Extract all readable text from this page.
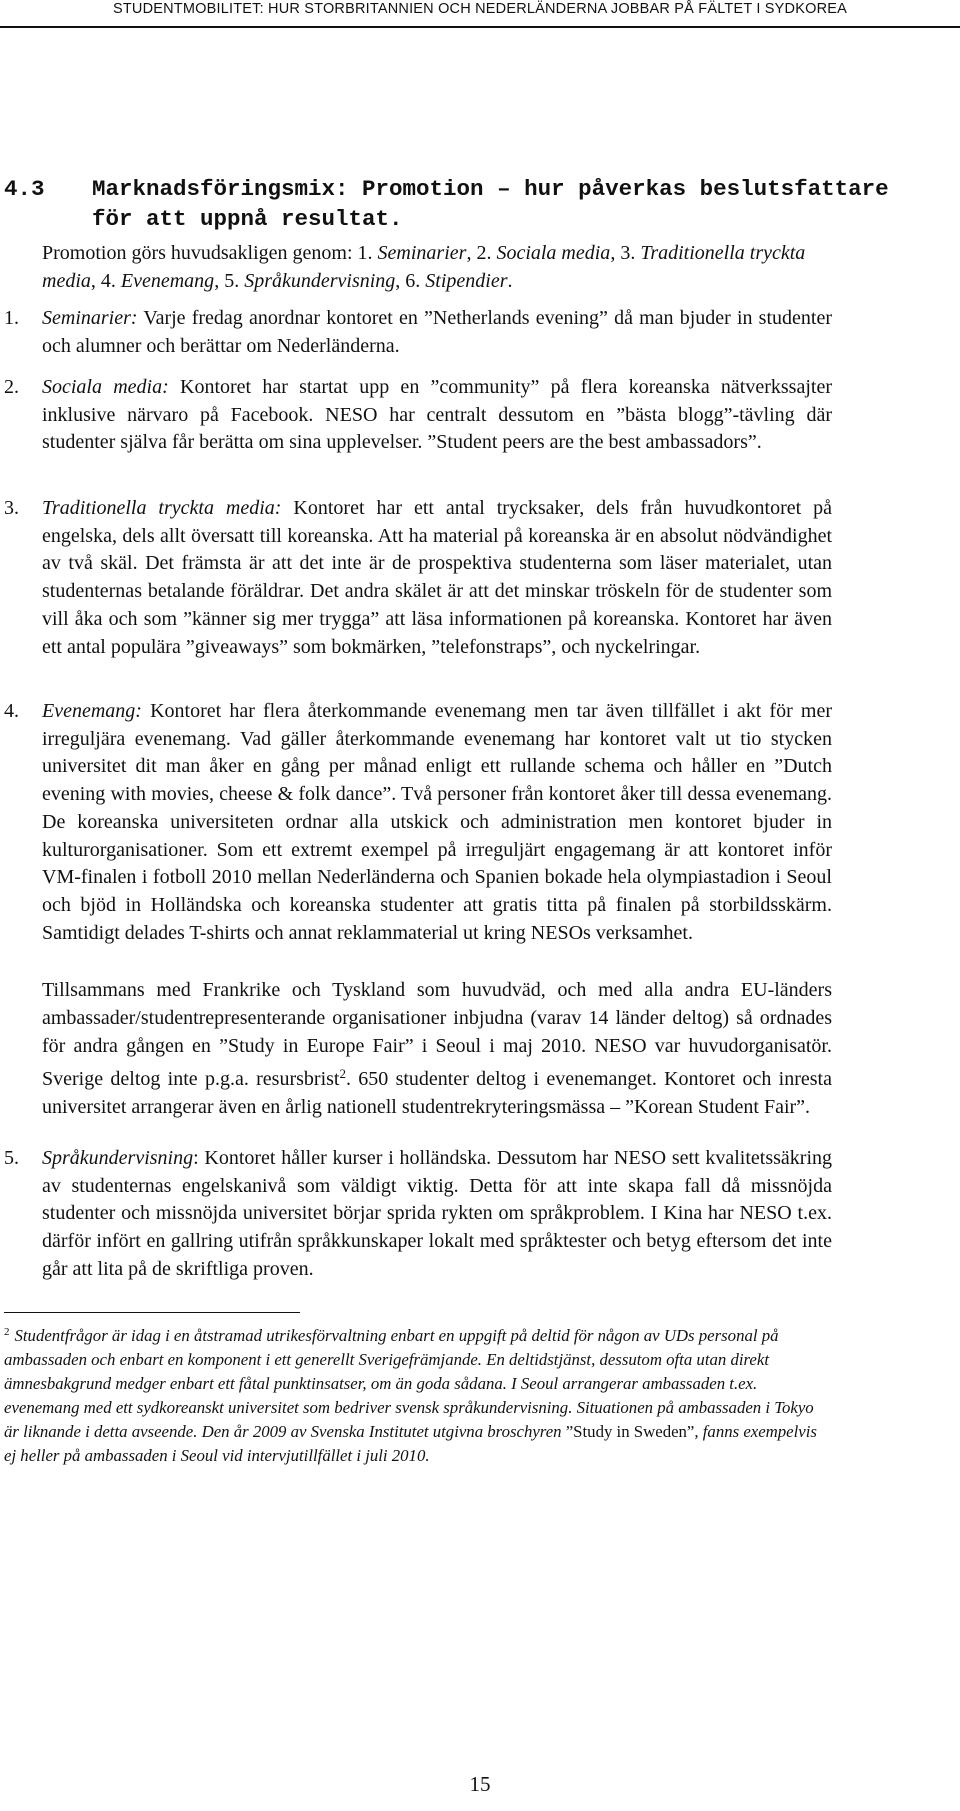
STUDENTMOBILITET: HUR STORBRITANNIEN OCH NEDERLÄNDERNA JOBBAR PÅ FÄLTET I SYDKOREA
4.3 Marknadsföringsmix: Promotion – hur påverkas beslutsfattare för att uppnå resultat.
Promotion görs huvudsakligen genom: 1. Seminarier, 2. Sociala media, 3. Traditionella tryckta media, 4. Evenemang, 5. Språkundervisning, 6. Stipendier.
1. Seminarier: Varje fredag anordnar kontoret en ”Netherlands evening” då man bjuder in studenter och alumner och berättar om Nederländerna.
2. Sociala media: Kontoret har startat upp en ”community” på flera koreanska nätverkssajter inklusive närvaro på Facebook. NESO har centralt dessutom en ”bästa blogg”-tävling där studenter själva får berätta om sina upplevelser. ”Student peers are the best ambassadors”.
3. Traditionella tryckta media: Kontoret har ett antal trycksaker, dels från huvudkontoret på engelska, dels allt översatt till koreanska. Att ha material på koreanska är en absolut nödvändighet av två skäl. Det främsta är att det inte är de prospektiva studenterna som läser materialet, utan studenternas betalande föräldrar. Det andra skälet är att det minskar tröskeln för de studenter som vill åka och som ”känner sig mer trygga” att läsa informationen på koreanska. Kontoret har även ett antal populära ”giveaways” som bokmärken, ”telefonstraps”, och nyckelringar.
4. Evenemang: Kontoret har flera återkommande evenemang men tar även tillfället i akt för mer irreguljära evenemang. Vad gäller återkommande evenemang har kontoret valt ut tio stycken universitet dit man åker en gång per månad enligt ett rullande schema och håller en ”Dutch evening with movies, cheese & folk dance”. Två personer från kontoret åker till dessa evenemang. De koreanska universiteten ordnar alla utskick och administration men kontoret bjuder in kulturorganisationer. Som ett extremt exempel på irreguljärt engagemang är att kontoret inför VM-finalen i fotboll 2010 mellan Nederländerna och Spanien bokade hela olympiastadion i Seoul och bjöd in Holländska och koreanska studenter att gratis titta på finalen på storbildsskärm. Samtidigt delades T-shirts och annat reklammaterial ut kring NESOs verksamhet.
Tillsammans med Frankrike och Tyskland som huvudväd, och med alla andra EU-länders ambassader/studentrepresenterande organisationer inbjudna (varav 14 länder deltog) så ordnades för andra gången en ”Study in Europe Fair” i Seoul i maj 2010. NESO var huvudorganisatör. Sverige deltog inte p.g.a. resursbrist$^2$. 650 studenter deltog i evenemanget. Kontoret och inresta universitet arrangerar även en årlig nationell studentrekryteringsmässa – ”Korean Student Fair”.
5. Språkundervisning: Kontoret håller kurser i holländska. Dessutom har NESO sett kvalitetssäkring av studenternas engelskanivå som väldigt viktig. Detta för att inte skapa fall då missnöjda studenter och missnöjda universitet börjar sprida rykten om språkproblem. I Kina har NESO t.ex. därför infört en gallring utifrån språkkunskaper lokalt med språktester och betyg eftersom det inte går att lita på de skriftliga proven.
$^2$ Studentfrågor är idag i en åtstramad utrikesförvaltning enbart en uppgift på deltid för någon av UDs personal på ambassaden och enbart en komponent i ett generellt Sverigefrämjande. En deltidstjänst, dessutom ofta utan direkt ämnesbakgrund medger enbart ett fåtal punktinsatser, om än goda sådana. I Seoul arrangerar ambassaden t.ex. evenemang med ett sydkoreanskt universitet som bedriver svensk språkundervisning. Situationen på ambassaden i Tokyo är liknande i detta avseende. Den år 2009 av Svenska Institutet utgivna broschyren ”Study in Sweden”, fanns exempelvis ej heller på ambassaden i Seoul vid intervjutillfället i juli 2010.
15
